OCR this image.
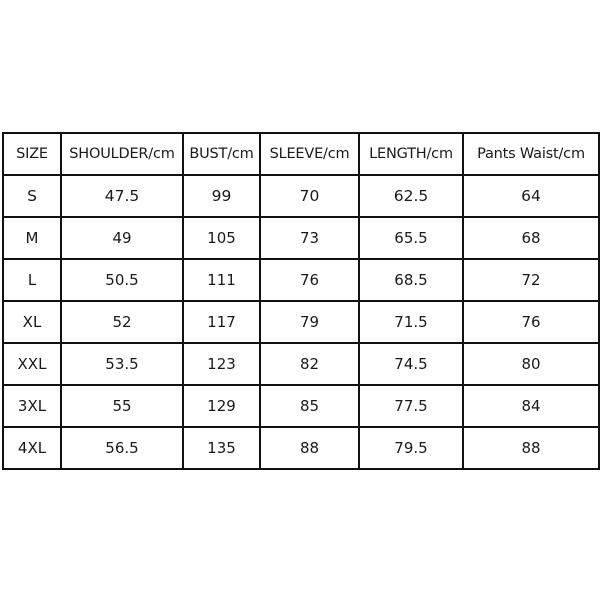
SIZE	SHOULDER/cm	BUST/cm	SLEEVE/cm	LENGTH/cm	Pants Waist/cm
S	47.5	99	70	62.5	64
M	49	105	73	65.5	68
L	50.5	111	76	68.5	72
XL	52	117	79	71.5	76
XXL	53.5	123	82	74.5	80
3XL	55	129	85	77.5	84
4XL	56.5	135	88	79.5	88
